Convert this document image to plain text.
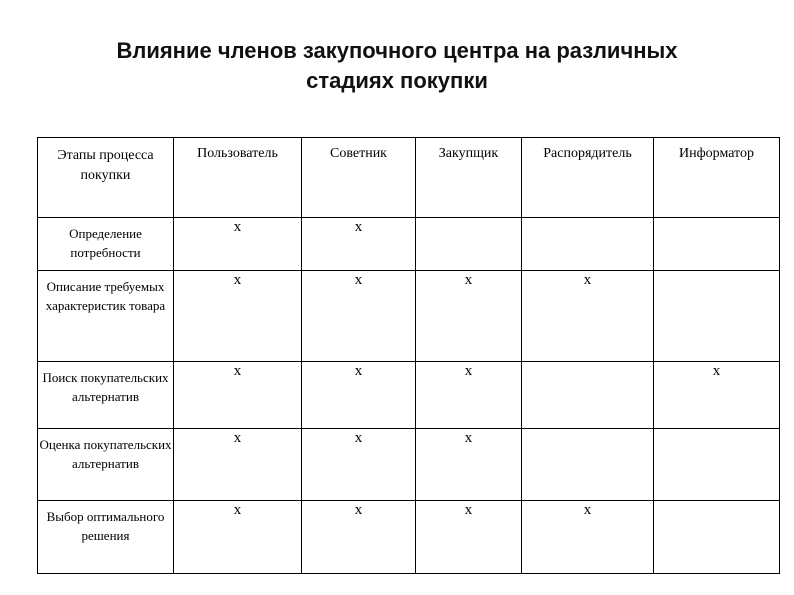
Влияние членов закупочного центра на различных
стадиях покупки
Этапы процесса покупки	Пользователь	Советник	Закупщик	Распорядитель	Информатор
Определение потребности	x	x			
Описание требуемых характеристик товара	x	x	x	x	
Поиск покупательских альтернатив	x	x	x		x
Оценка покупательских альтернатив	x	x	x		
Выбор оптимального решения	x	x	x	x	
